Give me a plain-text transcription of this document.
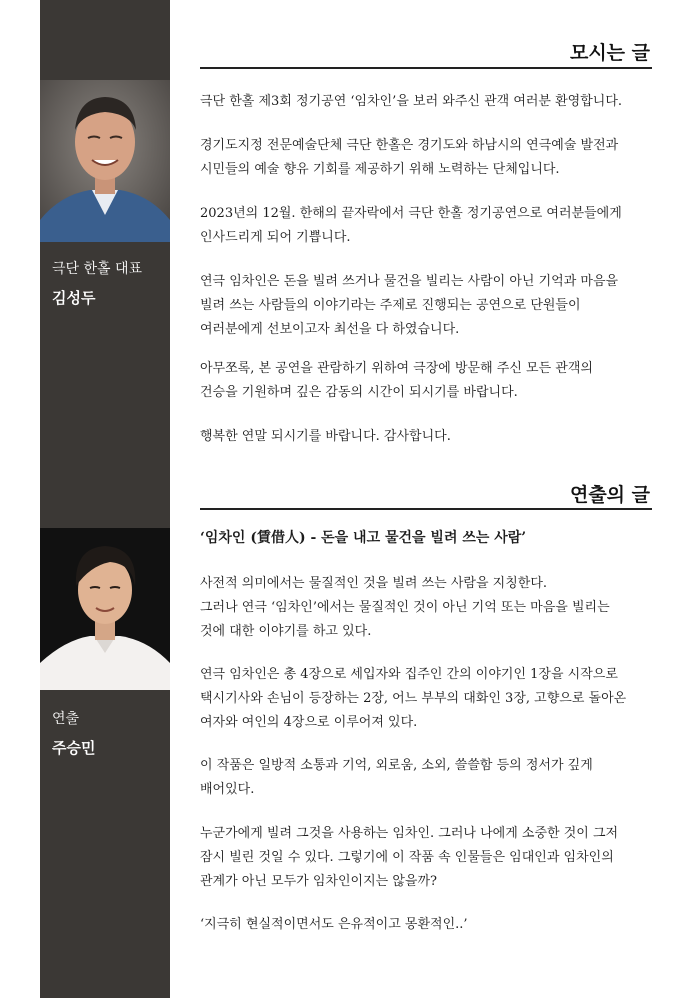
극단 한홀 대표
김성두
연출
주승민
모시는 글
극단 한홀 제3회 정기공연 ‘임차인’을 보러 와주신 관객 여러분 환영합니다.
경기도지정 전문예술단체 극단 한홀은 경기도와 하남시의 연극예술 발전과
시민들의 예술 향유 기회를 제공하기 위해 노력하는 단체입니다.
2023년의 12월. 한해의 끝자락에서 극단 한홀 정기공연으로 여러분들에게
인사드리게 되어 기쁩니다.
연극 임차인은 돈을 빌려 쓰거나 물건을 빌리는 사람이 아닌 기억과 마음을
빌려 쓰는 사람들의 이야기라는 주제로 진행되는 공연으로 단원들이
여러분에게 선보이고자 최선을 다 하였습니다.
아무쪼록, 본 공연을 관람하기 위하여 극장에 방문해 주신 모든 관객의
건승을 기원하며 깊은 감동의 시간이 되시기를 바랍니다.
행복한 연말 되시기를 바랍니다. 감사합니다.
연출의 글
‘임차인 (賃借人) - 돈을 내고 물건을 빌려 쓰는 사람’
사전적 의미에서는 물질적인 것을 빌려 쓰는 사람을 지칭한다.
그러나 연극 ‘임차인’에서는 물질적인 것이 아닌 기억 또는 마음을 빌리는
것에 대한 이야기를 하고 있다.
연극 임차인은 총 4장으로 세입자와 집주인 간의 이야기인 1장을 시작으로
택시기사와 손님이 등장하는 2장, 어느 부부의 대화인 3장, 고향으로 돌아온
여자와 여인의 4장으로 이루어져 있다.
이 작품은 일방적 소통과 기억, 외로움, 소외, 쓸쓸함 등의 정서가 깊게
배어있다.
누군가에게 빌려 그것을 사용하는 임차인. 그러나 나에게 소중한 것이 그저
잠시 빌린 것일 수 있다. 그렇기에 이 작품 속 인물들은 임대인과 임차인의
관계가 아닌 모두가 임차인이지는 않을까?
‘지극히 현실적이면서도 은유적이고 몽환적인..’
